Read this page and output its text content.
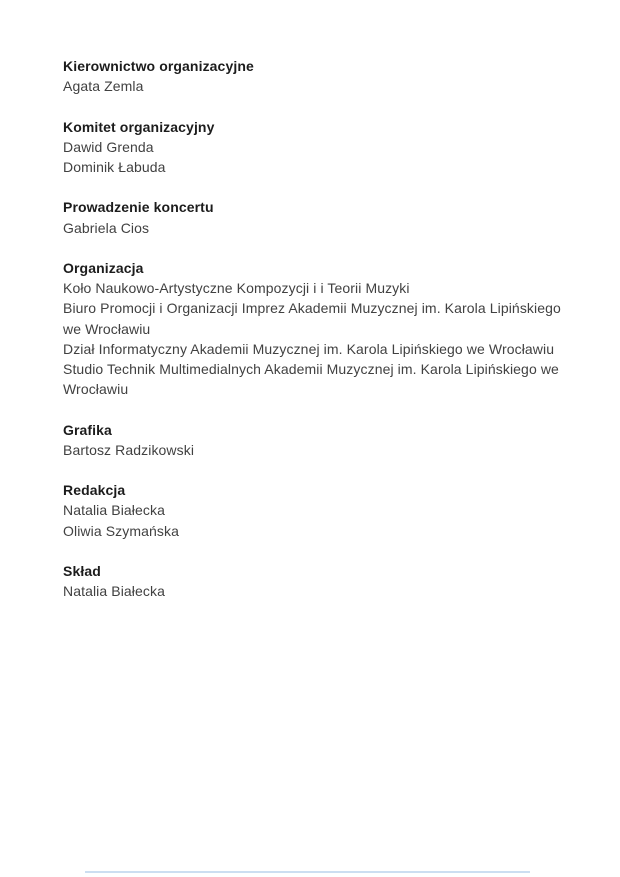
Kierownictwo organizacyjne

Agata Zemla

Komitet organizacyjny

Dawid Grenda

Dominik Łabuda

Prowadzenie koncertu

Gabriela Cios

Organizacja

Koło Naukowo-Artystyczne Kompozycji i i Teorii Muzyki

Biuro Promocji i Organizacji Imprez Akademii Muzycznej im. Karola Lipińskiego

we Wrocławiu

Dział Informatyczny Akademii Muzycznej im. Karola Lipińskiego we Wrocławiu

Studio Technik Multimedialnych Akademii Muzycznej im. Karola Lipińskiego we

Wrocławiu

Grafika

Bartosz Radzikowski

Redakcja

Natalia Białecka

Oliwia Szymańska

Skład

Natalia Białecka
